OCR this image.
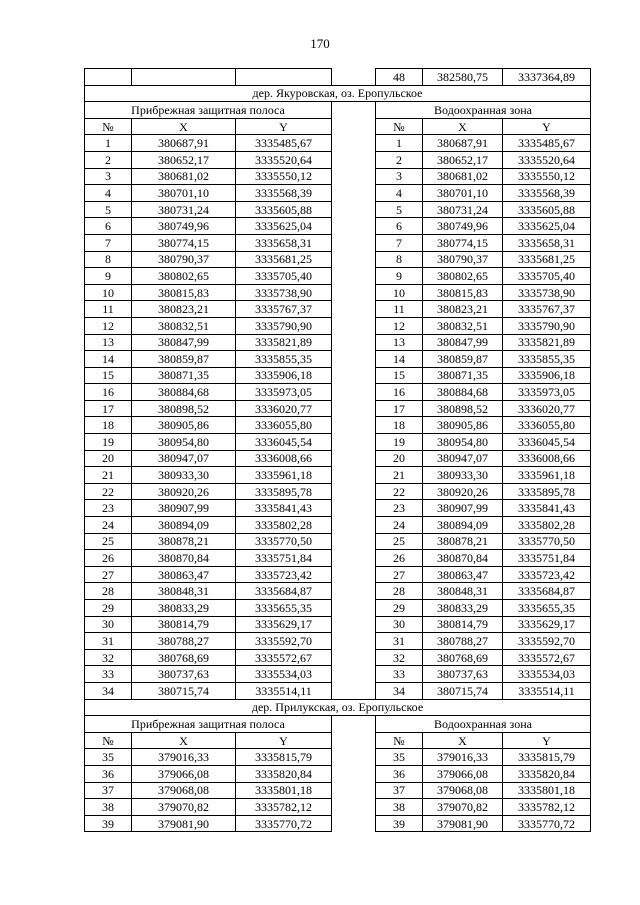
170
				48	382580,75	3337364,89
дер. Якуровская, оз. Еропульское						
Прибрежная защитная полоса				Водоохранная зона		
№	X	Y		№	X	Y
1	380687,91	3335485,67		1	380687,91	3335485,67
2	380652,17	3335520,64		2	380652,17	3335520,64
3	380681,02	3335550,12		3	380681,02	3335550,12
4	380701,10	3335568,39		4	380701,10	3335568,39
5	380731,24	3335605,88		5	380731,24	3335605,88
6	380749,96	3335625,04		6	380749,96	3335625,04
7	380774,15	3335658,31		7	380774,15	3335658,31
8	380790,37	3335681,25		8	380790,37	3335681,25
9	380802,65	3335705,40		9	380802,65	3335705,40
10	380815,83	3335738,90		10	380815,83	3335738,90
11	380823,21	3335767,37		11	380823,21	3335767,37
12	380832,51	3335790,90		12	380832,51	3335790,90
13	380847,99	3335821,89		13	380847,99	3335821,89
14	380859,87	3335855,35		14	380859,87	3335855,35
15	380871,35	3335906,18		15	380871,35	3335906,18
16	380884,68	3335973,05		16	380884,68	3335973,05
17	380898,52	3336020,77		17	380898,52	3336020,77
18	380905,86	3336055,80		18	380905,86	3336055,80
19	380954,80	3336045,54		19	380954,80	3336045,54
20	380947,07	3336008,66		20	380947,07	3336008,66
21	380933,30	3335961,18		21	380933,30	3335961,18
22	380920,26	3335895,78		22	380920,26	3335895,78
23	380907,99	3335841,43		23	380907,99	3335841,43
24	380894,09	3335802,28		24	380894,09	3335802,28
25	380878,21	3335770,50		25	380878,21	3335770,50
26	380870,84	3335751,84		26	380870,84	3335751,84
27	380863,47	3335723,42		27	380863,47	3335723,42
28	380848,31	3335684,87		28	380848,31	3335684,87
29	380833,29	3335655,35		29	380833,29	3335655,35
30	380814,79	3335629,17		30	380814,79	3335629,17
31	380788,27	3335592,70		31	380788,27	3335592,70
32	380768,69	3335572,67		32	380768,69	3335572,67
33	380737,63	3335534,03		33	380737,63	3335534,03
34	380715,74	3335514,11		34	380715,74	3335514,11
дер. Прилукская, оз. Еропульское						
Прибрежная защитная полоса				Водоохранная зона		
№	X	Y		№	X	Y
35	379016,33	3335815,79		35	379016,33	3335815,79
36	379066,08	3335820,84		36	379066,08	3335820,84
37	379068,08	3335801,18		37	379068,08	3335801,18
38	379070,82	3335782,12		38	379070,82	3335782,12
39	379081,90	3335770,72		39	379081,90	3335770,72
